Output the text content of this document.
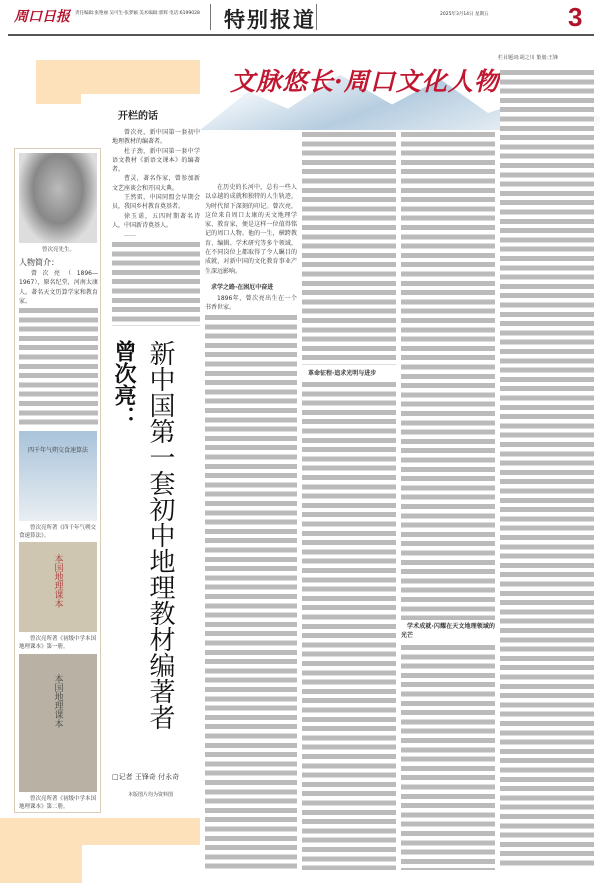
周口日报 责任编辑:张艳丽 吴可生·张梦颖 美术编辑:郭辉 电话:6199028 特别报道	2025年3月14日 星期五	3
文脉悠长·周口文化人物
栏目题词:胡之川 策划:王锋
曾次亮先生。
人物简介：

曾次亮（1896—1967），原名纪堂，河南太康人。著名天文历算学家和教育家。

四千年气朔交食速算法
曾次亮所著《四千年气朔交食速算法》。
本国地理课本
曾次亮所著《初级中学本国地理课本》第一册。
本国地理课本
曾次亮所著《初级中学本国地理课本》第二册。
开栏的话

曾次亮，新中国第一套初中地理教材的编著者。

杜子劲，新中国第一套中学语文教材《新语文课本》的编著者。

曹灵，著名作家，曾参加新文艺座谈会和开国大典。

王然雷，中国同盟会早期会员，我国乡村教育奠基者。

徐玉诺，五四时期著名诗人，中国新诗奠基人。

……

曾次亮： 新中国第一套初中地理教材编著者
□记者 王锋奇 付永奇
本版图片均为资料图

在历史的长河中，总有一些人以卓越的成就和独特的人生轨迹，为时代留下深刻的印记。曾次亮，这位来自周口太康的天文地理学家、教育家，便是这样一位值得铭记的周口人物。他的一生，横跨教育、编辑、学术研究等多个领域，在不同岗位上都取得了令人瞩目的成就，对新中国的文化教育事业产生深远影响。

求学之路·在困厄中奋进

1896年，曾次亮出生在一个书香世家。

革命征程·追求光明与进步
学术成就·闪耀在天文地理领域的光芒
